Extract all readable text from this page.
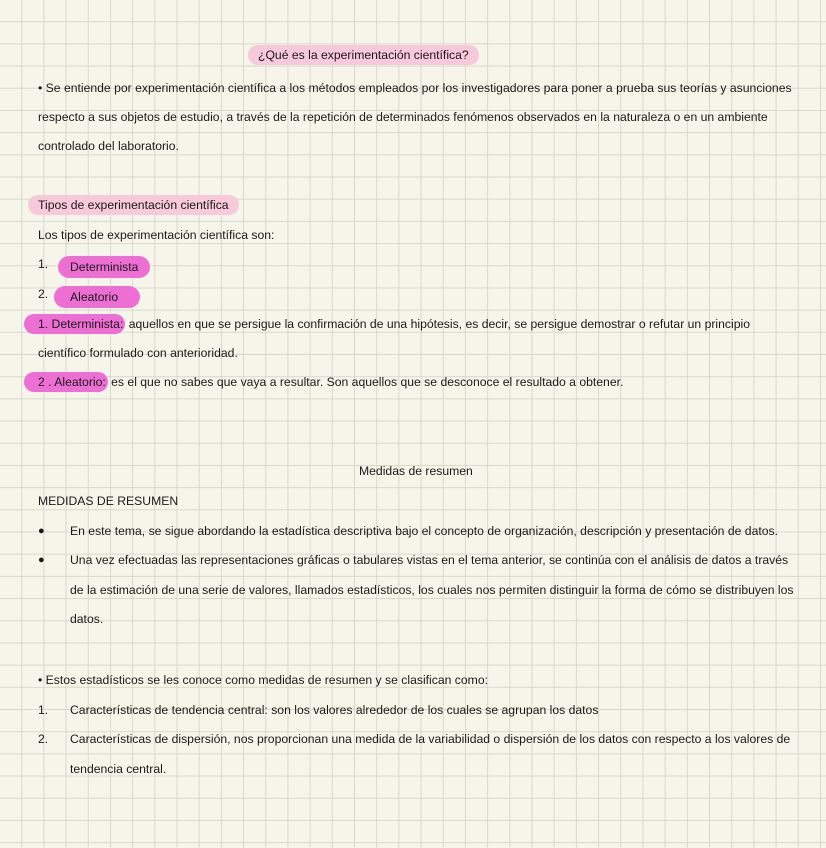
¿Qué es la experimentación científica?
• Se entiende por experimentación científica a los métodos empleados por los investigadores para poner a prueba sus teorías y asunciones
respecto a sus objetos de estudio, a través de la repetición de determinados fenómenos observados en la naturaleza o en un ambiente
controlado del laboratorio.
Tipos de experimentación científica
Los tipos de experimentación científica son:
1.	Determinista
2.	Aleatorio
1. Determinista: aquellos en que se persigue la confirmación de una hipótesis, es decir, se persigue demostrar o refutar un principio
científico formulado con anterioridad.
2 . Aleatorio: es el que no sabes que vaya a resultar. Son aquellos que se desconoce el resultado a obtener.
Medidas de resumen
MEDIDAS DE RESUMEN
● En este tema, se sigue abordando la estadística descriptiva bajo el concepto de organización, descripción y presentación de datos.
● Una vez efectuadas las representaciones gráficas o tabulares vistas en el tema anterior, se continúa con el análisis de datos a través
de la estimación de una serie de valores, llamados estadísticos, los cuales nos permiten distinguir la forma de cómo se distribuyen los
datos.
• Estos estadísticos se les conoce como medidas de resumen y se clasifican como:
1. Características de tendencia central: son los valores alrededor de los cuales se agrupan los datos
2. Características de dispersión, nos proporcionan una medida de la variabilidad o dispersión de los datos con respecto a los valores de
tendencia central.
